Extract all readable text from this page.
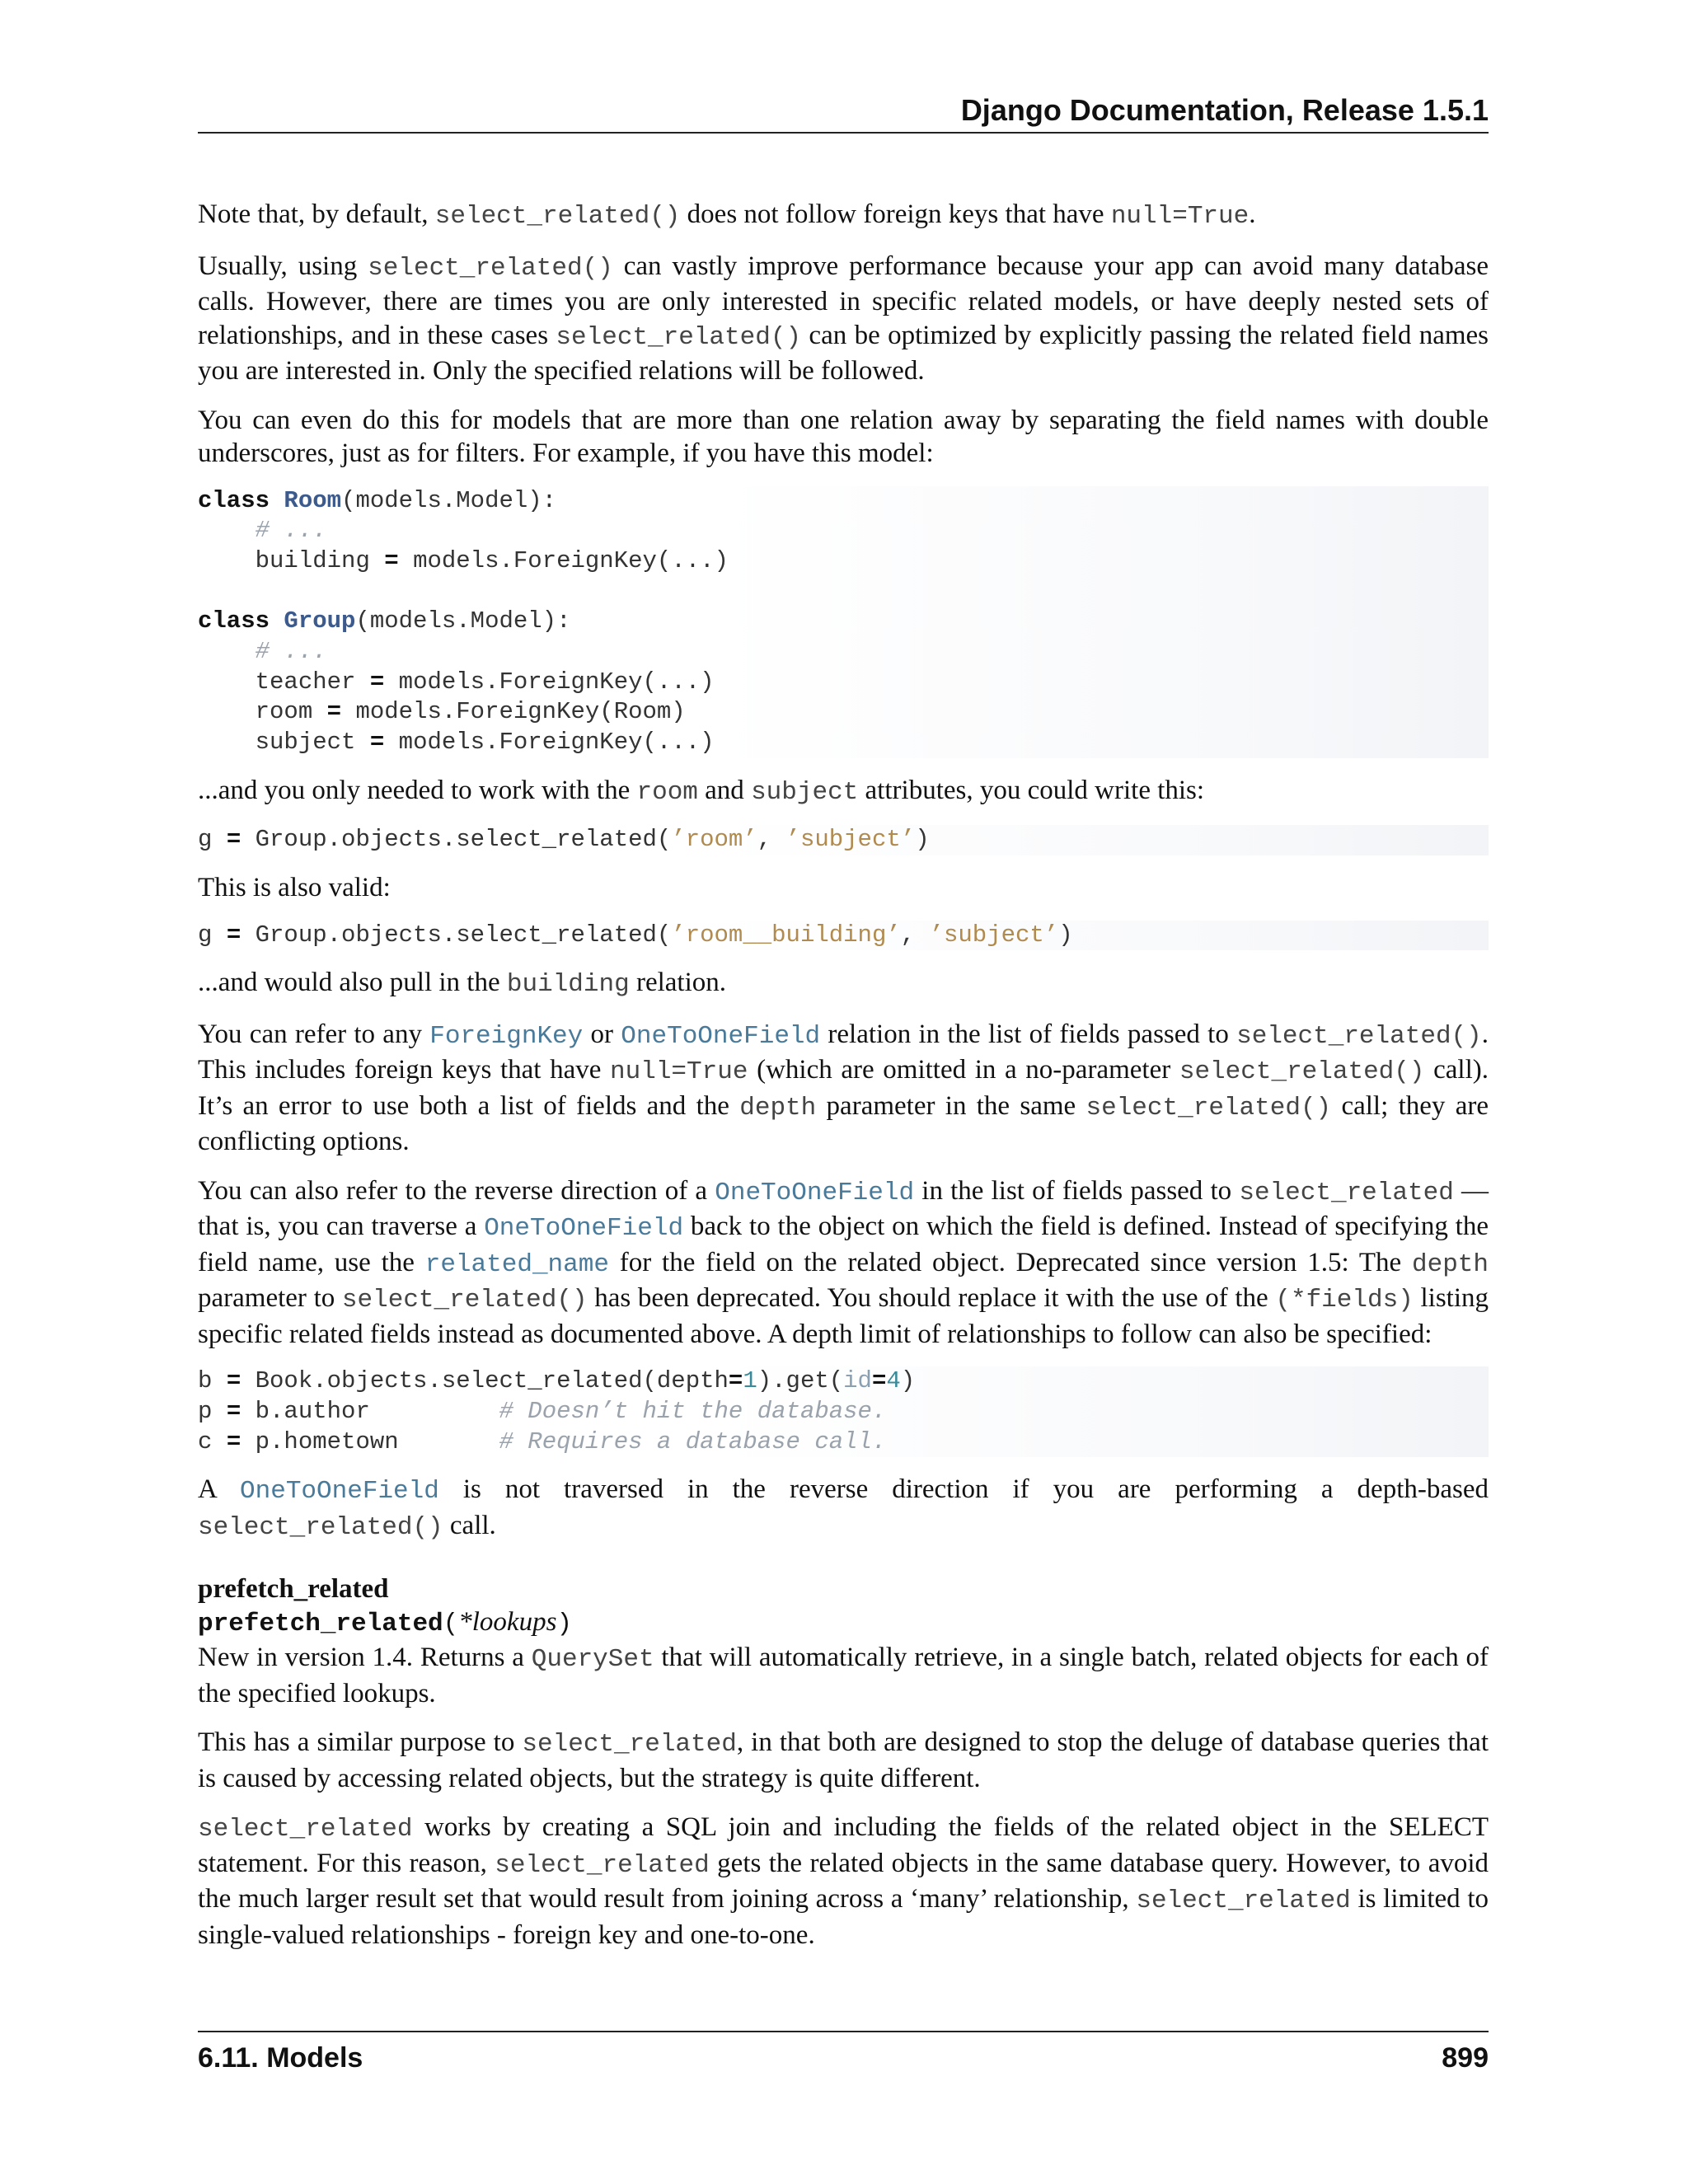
Django Documentation, Release 1.5.1

Note that, by default, select_related() does not follow foreign keys that have null=True.

Usually, using select_related() can vastly improve performance because your app can avoid many database calls. However, there are times you are only interested in specific related models, or have deeply nested sets of relationships, and in these cases select_related() can be optimized by explicitly passing the related field names you are interested in. Only the specified relations will be followed.

You can even do this for models that are more than one relation away by separating the field names with double underscores, just as for filters. For example, if you have this model:

class Room(models.Model):
# ...
building = models.ForeignKey(...)

class Group(models.Model):
# ...
teacher = models.ForeignKey(...)
room = models.ForeignKey(Room)
subject = models.ForeignKey(...)

...and you only needed to work with the room and subject attributes, you could write this:

g = Group.objects.select_related(’room’, ’subject’)

This is also valid:

g = Group.objects.select_related(’room__building’, ’subject’)

...and would also pull in the building relation.

You can refer to any ForeignKey or OneToOneField relation in the list of fields passed to select_related(). This includes foreign keys that have null=True (which are omitted in a no-parameter select_related() call). It’s an error to use both a list of fields and the depth parameter in the same select_related() call; they are conflicting options.

You can also refer to the reverse direction of a OneToOneField in the list of fields passed to select_related — that is, you can traverse a OneToOneField back to the object on which the field is defined. Instead of specifying the field name, use the related_name for the field on the related object. Deprecated since version 1.5: The depth parameter to select_related() has been deprecated. You should replace it with the use of the (*fields) listing specific related fields instead as documented above. A depth limit of relationships to follow can also be specified:

b = Book.objects.select_related(depth=1).get(id=4)
p = b.author         # Doesn’t hit the database.
c = p.hometown       # Requires a database call.

A OneToOneField is not traversed in the reverse direction if you are performing a depth-based select_related() call.

prefetch_related
prefetch_related(*lookups)

New in version 1.4. Returns a QuerySet that will automatically retrieve, in a single batch, related objects for each of the specified lookups.

This has a similar purpose to select_related, in that both are designed to stop the deluge of database queries that is caused by accessing related objects, but the strategy is quite different.

select_related works by creating a SQL join and including the fields of the related object in the SELECT statement. For this reason, select_related gets the related objects in the same database query. However, to avoid the much larger result set that would result from joining across a ‘many’ relationship, select_related is limited to single-valued relationships - foreign key and one-to-one.

6.11. Models	899
